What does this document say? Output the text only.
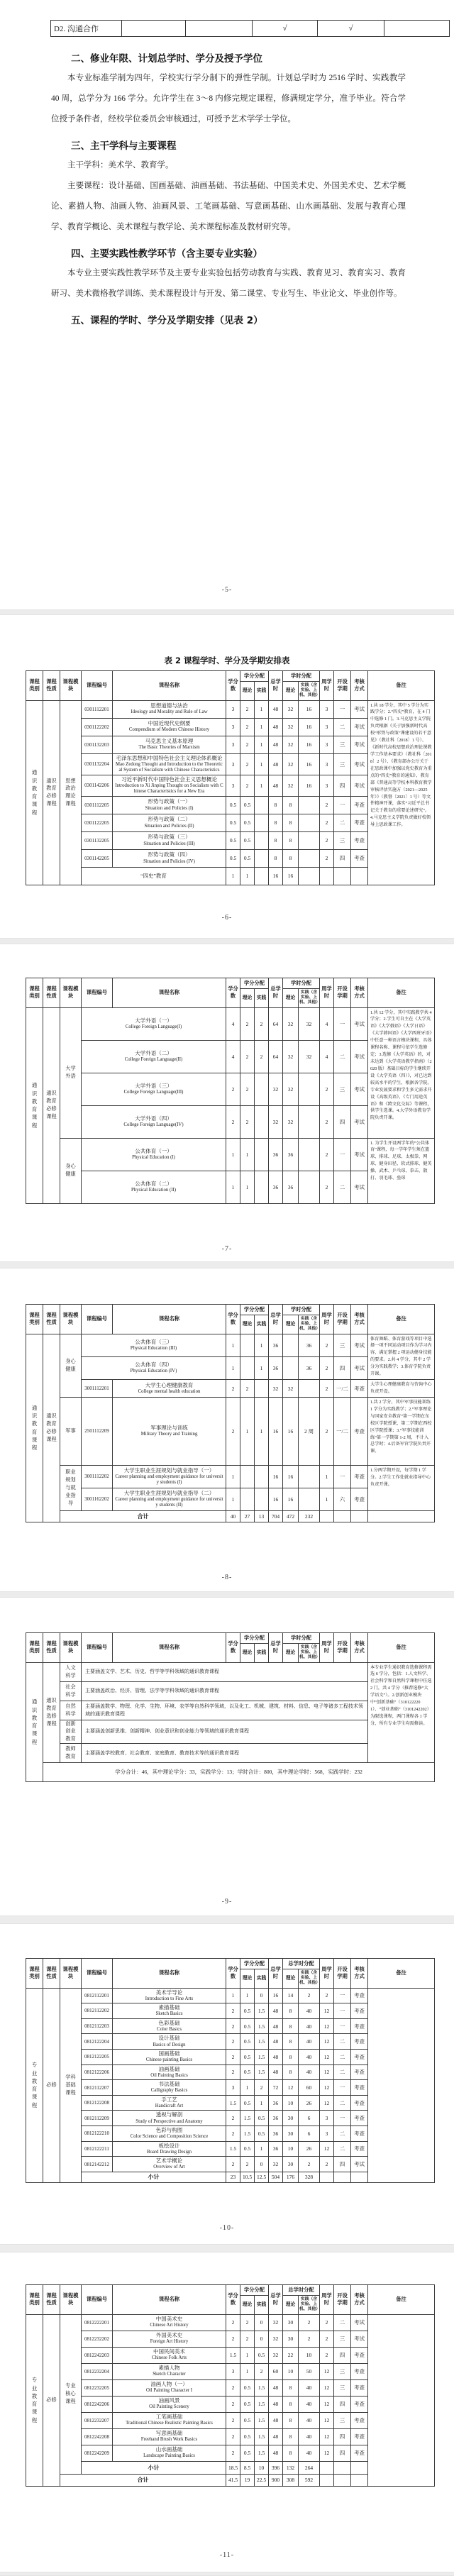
D2. 沟通合作			√	√	
二、修业年限、计划总学时、学分及授予学位

本专业标准学制为四年，学校实行学分制下的弹性学制。计划总学时为 2516 学时、实践教学 40 周，总学分为 166 学分。允许学生在 3～8 内修完规定课程，修满规定学分，准予毕业。符合学位授予条件者，经校学位委员会审核通过，可授予艺术学学士学位。

三、主干学科与主要课程

主干学科：美术学、教育学。

主要课程：设计基础、国画基础、油画基础、书法基础、中国美术史、外国美术史、艺术学概论、素描人物、油画人物、油画风景、工笔画基础、写意画基础、山水画基础、发展与教育心理学、教育学概论、美术课程与教学论、美术课程标准及教材研究等。

四、主要实践性教学环节（含主要专业实验）

本专业主要实践性教学环节及主要专业实验包括劳动教育与实践、教育见习、教育实习、教育研习、美术微格教学训练、美术课程设计与开发、第二课堂、专业写生、毕业论文、毕业创作等。

五、课程的学时、学分及学期安排（见表 2）
-5-
表 2 课程学时、学分及学期安排表
课程类别	课程性质	课程模块	课程编号	课程名称	学分数	学分分配		总学时	学时分配		周学时	开设学期	考核方式	备注
						理论	实践		理论	实践（含实验、上机、其他）				
通识教育课程	通识教育必修课程	思想政治理论课程	0301112201	思想道德与法治
Ideology and Morality and Rule of Law	3	2	1	48	32	16	3	一	考试	1.共 18 学分，其中 5 学分为实践学分；2.“四史”教育，在 4 门中选修 1 门。3.马克思主义学院负责根据《关于加强新时代高校“形势与政策”课建设的若干意见》（教社科〔2018〕1 号）、《新时代高校思想政治理论课教学工作基本要求》（教社科〔2018〕2 号）、《教育部办公厅关于在思政课中加强以党史教育为重点的“四史”教育的通知）、教育部《普通高等学校本科教育教学审核评估实施方（2021—2025 年）》（教督〔2021〕1 号）等文件精神开课，落实“习近平总书记关于教育的重要论述研究”。4.马克思主义学院负责做好校领导上思政课工作。
			0301122202	中国近现代史纲要
Compendium of Modern Chinese History	3	2	1	48	32	16	3	二	考试	
			0301132203	马克思主义基本原理
The Basic Theories of Marxism	3	2	1	48	32	16	3	三	考试	
			0301132204	毛泽东思想和中国特色社会主义理论体系概论
Mao Zedong Thought and Introduction to the Theoretical System of Socialism with Chinese Characteristics	3	2	1	48	32	16	3	三	考试	
			0301142206	习近平新时代中国特色社会主义思想概论
Introduction to Xi Jinping Thought on Socialism with Chinese Characteristics for a New Era	3	2	1	48	32	16	3	四	考试	
			0301112205	形势与政策（一）
Situation and Policies (I)	0.5	0.5		8	8		2	一	考查	
			0301122205	形势与政策（二）
Situation and Policies (II)	0.5	0.5		8	8		2	二	考查	
			0301132205	形势与政策（三）
Situation and Policies (III)	0.5	0.5		8	8		2	三	考查	
			0301142205	形势与政策（四）
Situation and Policies (IV)	0.5	0.5		8	8		2	四	考查	

			“四史”教育		1	1		16	16					
-6-
课程类别	课程性质	课程模块	课程编号	课程名称	学分数	学分分配		总学时	学时分配		周学时	开设学期	考核方式	备注
						理论	实践		理论	实践（含实验、上机、其他）				
通识教育课程	通识教育必修课程	大学外语	大学外语（一）
College Foreign Language(I)		4	2	2	64	32	32	4	一	考试	1.共 12 学分，其中实践教学共 4 学分；2.学生可自主在《大学英语》《大学俄语》《大学日语》《大学韩国语》《大学西班牙语》中任意一种语言模块课程，具体课程名称、课程号依学生选修定；3.选修《大学英语》的，对未达到《大学英语教学指南》（2020 版）基础目标的学生继续开设《大学英语（四）》，对已达到较高水平的学生，根据各学院、专业发展要求和学生多元需求开设《高级英语》、《专门用途英语》和《跨文化交际》等课程，供学生选课。4.大学外语教育学院负责开课。

			大学外语（二）
College Foreign Language(II)		4	2	2	64	32	32	4	二	考试	

			大学外语（三）
College Foreign Language(III)		2	2		32	32		2	三	考试	

			大学外语（四）
College Foreign Language(IV)		2	2		32	32		2	四	考试	
		身心健康	公共体育（一）
Physical Education (I)		1	1		36	36		2	一	考试	1. 为学生开设两学年的“公共体育”课程，每一学年学生须在篮球、排球、足球、太极拳、网球、健身田径、软式排球、健美操、武术、乒乓球、拳击、散打、羽毛球、垒球

			公共体育（二）
Physical Education (II)		1	1		36	36		2	二	考试	
-7-
课程类别	课程性质	课程模块	课程编号	课程名称	学分数	学分分配		总学时	学时分配		周学时	开设学期	考核方式	备注
						理论	实践		理论	实践（含实验、上机、其他）				
通识教育课程	通识教育必修课程	身心健康	公共体育（三）
Physical Education (III)		1		1	36		36	2	三	考试	体育舞蹈、体育游戏等项目中选择一项不同运动项目作为学习内容，满足掌握 2 项运动健身技能的要求。2.共 4 学分，其中 2 学分为实践教学；3.体育学院负责开课。

			公共体育（四）
Physical Education (IV)		1		1	36		36	2	四	考试	
			3001112201	大学生心理健康教育
College mental health education	2	2		32	32		2	一/二	考查	大学生心理健康教育与咨询中心负责开设。
		军事	2501112209	军事理论与训练
Military Theory and Training	2	1	1	16	16	2 周	2	一/二	考查	1.共 2 学分，其中军事技能训练 1 学分为实践教学；2.“军事理论与国家安全教育”第一学期在东校区学院授课，第二学期在西校区学院授课；3.“军事技能训练”第一学期第 1-2 周，不计入总学时；4.后备军官学院负责开课。
		职业规划与就业指导	3001112202	大学生职业生涯规划与就业指导（一）
Career planning and employment guidance for university students (I)	1			16	16		1	一	考查	1.分两学期开设，每学期 1 学分。2.学生工作处就业指导中心负责开课。
			3001162202	大学生职业生涯规划与就业指导（二）
Career planning and employment guidance for university students (II)	1			16	16		1	六	考查	
		合计			40	27	13	704	472	232				
-8-
课程类别	课程性质	课程模块	课程编号	课程名称	学分数	学分分配		总学时	学时分配		周学时	开设学期	考核方式	备注
						理论	实践		理论	实践（含实验、上机、其他）				
通识教育课程	通识教育选修课程	人文科学	主要涵盖文学、艺术、历史、哲学等学科领域的通识教育课程											本专业学生通识教育选修课程需选 6 学分，包括：1.人文科学、社会科学和自然科学课程中任选 2 门，共 4 学分（推荐选修“大学语文”）。2.创新创业模块中“创新基础”（3101222201）、“创业基础”（3101242202）为限选课程，两门课程各 1 学分，所有专业学生均需修读。
		社会科学	主要涵盖政治、经济、管理、法学等学科领域的通识教育课程											
		自然科学	主要涵盖数学、物理、化学、生物、环境、农学等自然科学领域，以及化工、机械、建筑、材料、信息、电子等诸多工程技术领域的通识教育课程											
		创新创业教育	主要涵盖创新思维、创新精神、创业意识和创业能力等领域的通识教育课程											
		教师教育	主要涵盖学校教育、社会教育、家庭教育、教育技术等的通识教育课程											
	学分合计：46，其中理论学分：33，实践学分：13；学时合计：800，其中理论学时：568，实践学时：232													
-9-
课程类别	课程性质	课程模块	课程编号	课程名称	学分数	学分分配		总学时	总学时分配		周学时	开设学期	考核方式	备注
						理论	实践		理论	实践（含实验、上机、其他）				
专业教育课程	必修	学科基础课程	0812112201	美术学导论
Introduction to Fine Arts	1	1	0	16	14	2	2	一	考查	
			0812112202	素描基础
Sketch Basics	2	0.5	1.5	48	8	40	12	一	考查	
			0812112203	色彩基础
Color Basics	2	0.5	1.5	48	8	40	12	一	考查	
			0812122204	设计基础
Basics of Design	2	0.5	1.5	48	8	40	12	二	考查	
			0812122205	国画基础
Chinese painting Basics	2	0.5	1.5	48	8	40	12	二	考查	
			0812122206	油画基础
Oil Painting Basics	2	0.5	1.5	48	8	40	12	二	考查	
			0812112207	书法基础
Calligraphy Basics	3	1	2	72	12	60	12	一	考查	
			0812122208	手工艺
Handicraft Art	1.5	0.5	1	36	10	26	12	二	考查	
			0812112209	透视与解剖
Study of Perspective and Anatomy	2	1.5	0.5	36	30	6	3	一	考查	
			0812122210	色彩与构图
Color Science and Composition Science	2	1.5	0.5	36	30	6	3	二	考查	
			0812122211	板绘设计
Board Drawing Design	1.5	0.5	1	36	10	26	12	二	考查	
			0812142212	艺术学概论
Overview of Art	2	2	0	32	30	2	2	四	考试	
			小计		23	10.5	12.5	504	176	328				
-10-
课程类别	课程性质	课程模块	课程编号	课程名称	学分数	学分分配		总学时	总学时分配		周学时	开设学期	考核方式	备注
						理论	实践		理论	实践（含实验、上机、其他）				
专业教育课程	必修	专业核心课程	0812222201	中国美术史
Chinese Art History	2	2	0	32	30	2	2	二	考试	
			0812232202	外国美术史
Foreign Art History	2	2	0	32	30	2	2	三	考试	
			0812242203	中国民间美术
Chinese Folk Arts	1.5	1	0.5	32	22	10	2	四	考查	
			0812232204	素描人物
Sketch Character	3	1	2	60	10	50	12	三	考查	
			0812232205	油画人物（一）
Oil Painting Character I	2	0.5	1.5	48	8	40	12	三	考查	
			0812242206	油画风景
Oil Painting Scenery	2	0.5	1.5	48	8	40	12	四	考查	
			0812232207	工笔画基础
Traditional Chinese Realistic Painting Basics	2	0.5	1.5	48	8	40	12	三	考查	
			0812242208	写意画基础
Freehand Brush Work Basics	2	0.5	1.5	48	8	40	12	四	考查	
			0812242209	山水画基础
Landscape Painting Basics	2	0.5	1.5	48	8	40	12	四	考查	
			小计		18.5	8.5	10	396	132	264				
		合计			41.5	19	22.5	900	308	592				
-11-
